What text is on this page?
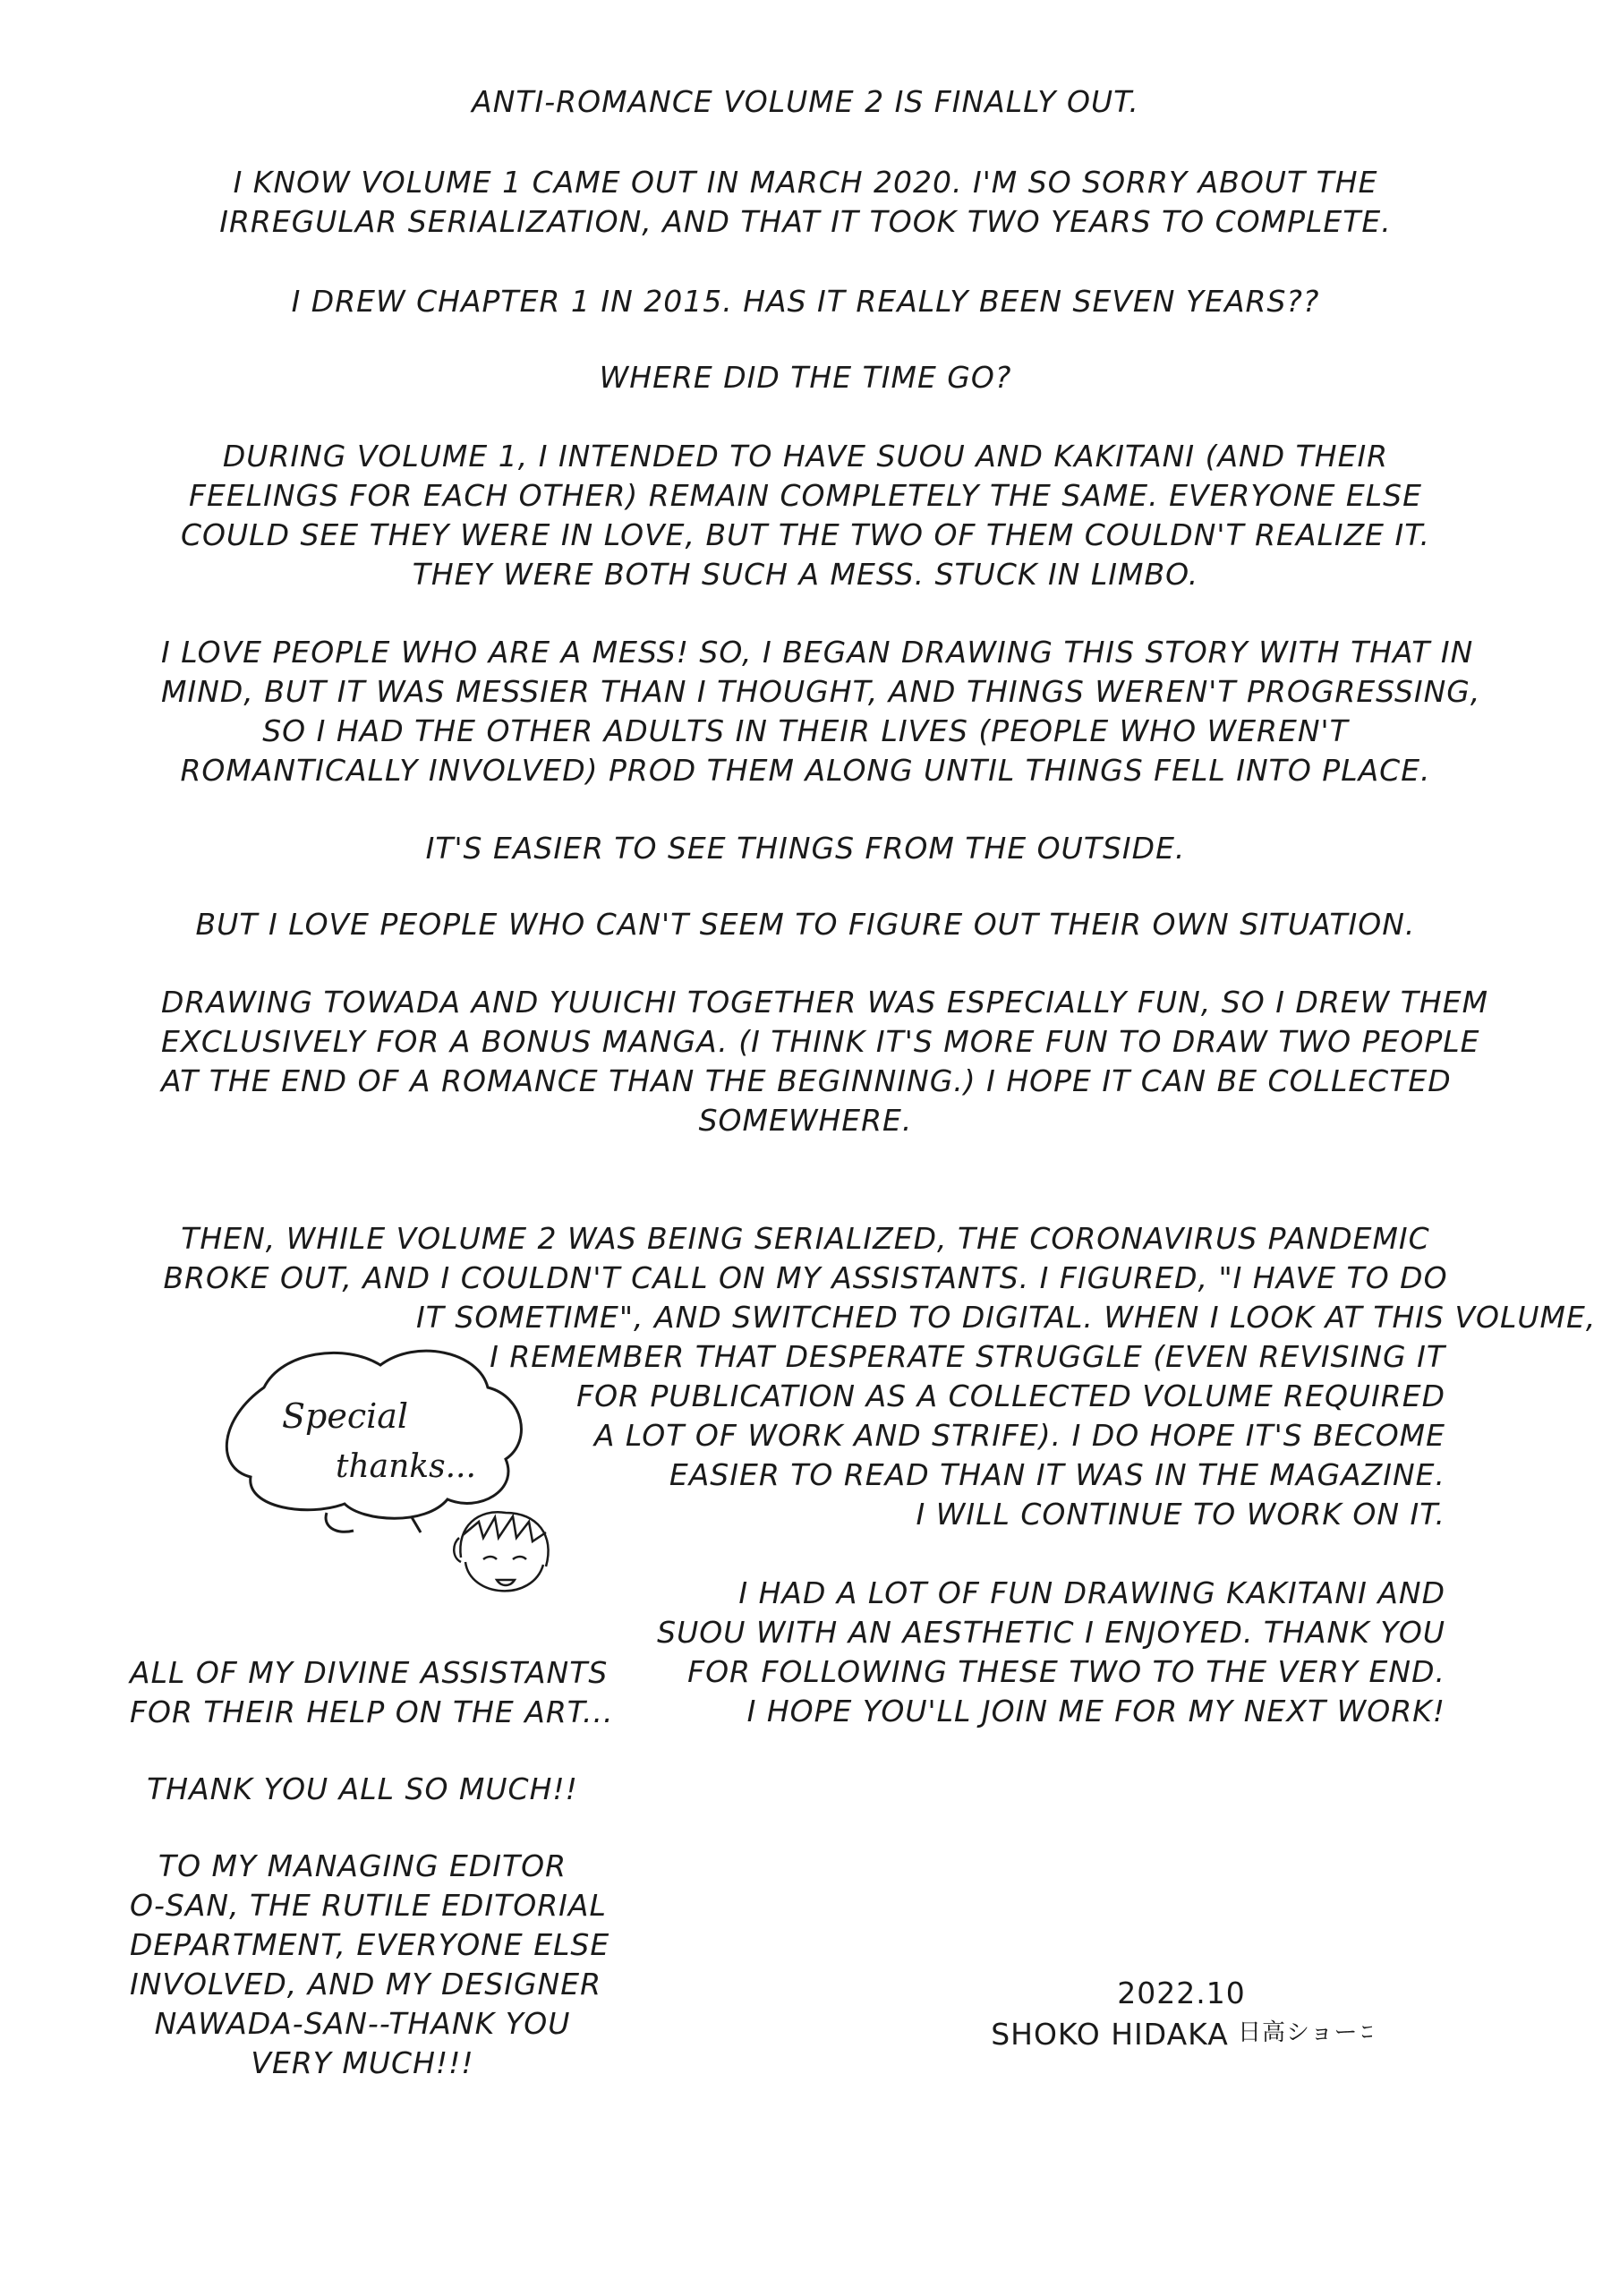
ANTI-ROMANCE VOLUME 2 IS FINALLY OUT.
I KNOW VOLUME 1 CAME OUT IN MARCH 2020. I'M SO SORRY ABOUT THE
IRREGULAR SERIALIZATION, AND THAT IT TOOK TWO YEARS TO COMPLETE.
I DREW CHAPTER 1 IN 2015. HAS IT REALLY BEEN SEVEN YEARS??
WHERE DID THE TIME GO?
DURING VOLUME 1, I INTENDED TO HAVE SUOU AND KAKITANI (AND THEIR
FEELINGS FOR EACH OTHER) REMAIN COMPLETELY THE SAME. EVERYONE ELSE
COULD SEE THEY WERE IN LOVE, BUT THE TWO OF THEM COULDN'T REALIZE IT.
THEY WERE BOTH SUCH A MESS. STUCK IN LIMBO.
I LOVE PEOPLE WHO ARE A MESS! SO, I BEGAN DRAWING THIS STORY WITH THAT IN
MIND, BUT IT WAS MESSIER THAN I THOUGHT, AND THINGS WEREN'T PROGRESSING,
SO I HAD THE OTHER ADULTS IN THEIR LIVES (PEOPLE WHO WEREN'T
ROMANTICALLY INVOLVED) PROD THEM ALONG UNTIL THINGS FELL INTO PLACE.
IT'S EASIER TO SEE THINGS FROM THE OUTSIDE.
BUT I LOVE PEOPLE WHO CAN'T SEEM TO FIGURE OUT THEIR OWN SITUATION.
DRAWING TOWADA AND YUUICHI TOGETHER WAS ESPECIALLY FUN, SO I DREW THEM
EXCLUSIVELY FOR A BONUS MANGA. (I THINK IT'S MORE FUN TO DRAW TWO PEOPLE
AT THE END OF A ROMANCE THAN THE BEGINNING.) I HOPE IT CAN BE COLLECTED
SOMEWHERE.
THEN, WHILE VOLUME 2 WAS BEING SERIALIZED, THE CORONAVIRUS PANDEMIC
BROKE OUT, AND I COULDN'T CALL ON MY ASSISTANTS. I FIGURED, "I HAVE TO DO
IT SOMETIME", AND SWITCHED TO DIGITAL. WHEN I LOOK AT THIS VOLUME,
I REMEMBER THAT DESPERATE STRUGGLE (EVEN REVISING IT
FOR PUBLICATION AS A COLLECTED VOLUME REQUIRED
A LOT OF WORK AND STRIFE). I DO HOPE IT'S BECOME
EASIER TO READ THAN IT WAS IN THE MAGAZINE.
I WILL CONTINUE TO WORK ON IT.
I HAD A LOT OF FUN DRAWING KAKITANI AND
SUOU WITH AN AESTHETIC I ENJOYED. THANK YOU
FOR FOLLOWING THESE TWO TO THE VERY END.
I HOPE YOU'LL JOIN ME FOR MY NEXT WORK!
Special
thanks...
ALL OF MY DIVINE ASSISTANTS
FOR THEIR HELP ON THE ART...
THANK YOU ALL SO MUCH!!
TO MY MANAGING EDITOR
O-SAN, THE RUTILE EDITORIAL
DEPARTMENT, EVERYONE ELSE
INVOLVED, AND MY DESIGNER
NAWADA-SAN--THANK YOU
VERY MUCH!!!
2022.10
SHOKO HIDAKA 日高ショーコ
